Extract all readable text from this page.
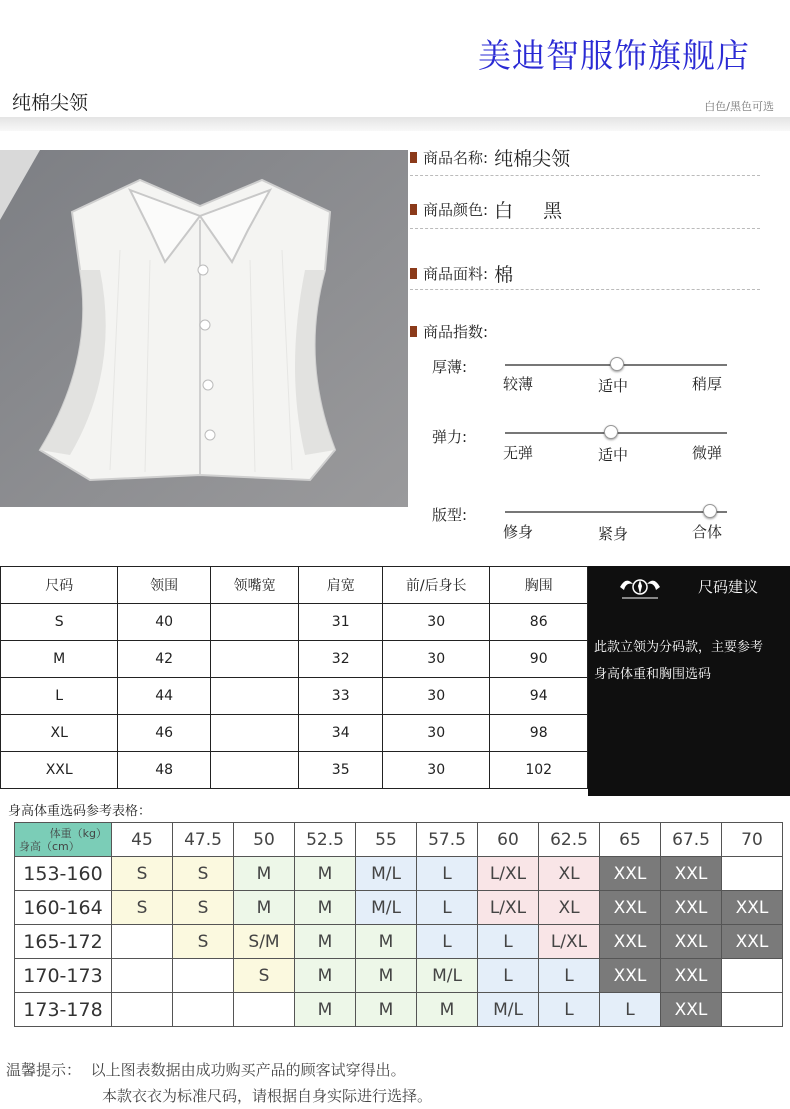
美迪智服饰旗舰店
纯棉尖领	白色/黑色可选
商品名称: 纯棉尖领
商品颜色: 白  黑
商品面料: 棉
商品指数:
厚薄:
较薄	适中	稍厚
弹力:
无弹	适中	微弹
版型:
修身	紧身	合体
尺码	领围	领嘴宽	肩宽	前/后身长	胸围
S	40		31	30	86
M	42		32	30	90
L	44		33	30	94
XL	46		34	30	98
XXL	48		35	30	102
尺码建议
此款立领为分码款，主要参考
身高体重和胸围选码
身高体重选码参考表格：
体重（kg）
身高（cm）	45	47.5	50	52.5	55	57.5	60	62.5	65	67.5	70
153-160	S	S	M	M	M/L	L	L/XL	XL	XXL	XXL	
160-164	S	S	M	M	M/L	L	L/XL	XL	XXL	XXL	XXL
165-172		S	S/M	M	M	L	L	L/XL	XXL	XXL	XXL
170-173			S	M	M	M/L	L	L	XXL	XXL	
173-178				M	M	M	M/L	L	L	XXL	
温馨提示： 以上图表数据由成功购买产品的顾客试穿得出。
本款衣衣为标准尺码，请根据自身实际进行选择。
